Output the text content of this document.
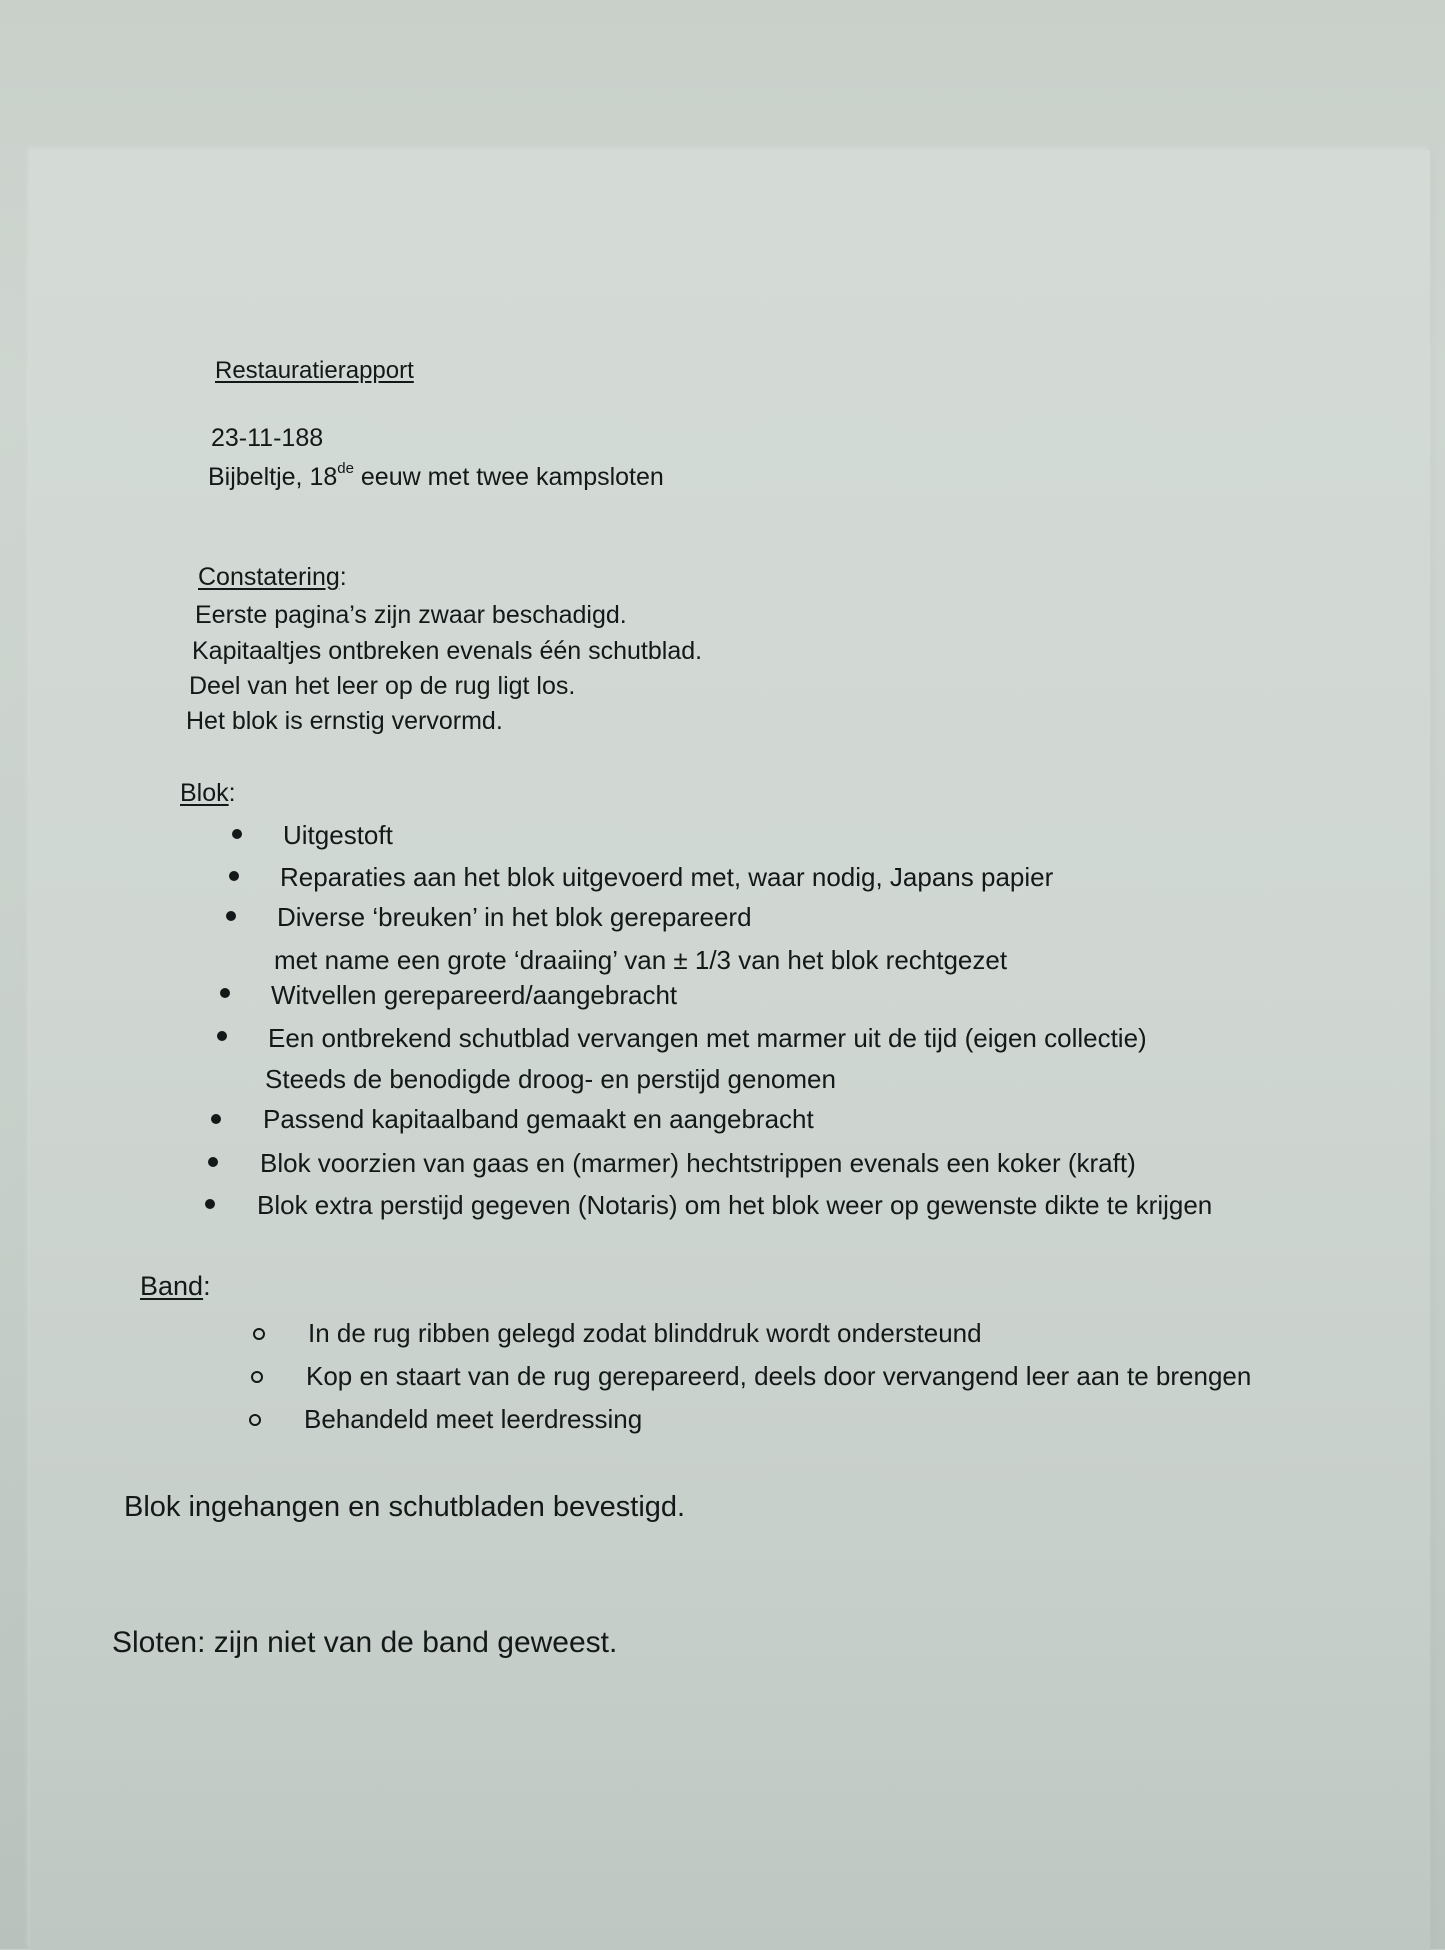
Restauratierapport
23-11-188
Bijbeltje, 18de eeuw met twee kampsloten
Constatering:
Eerste pagina’s zijn zwaar beschadigd.
Kapitaaltjes ontbreken evenals één schutblad.
Deel van het leer op de rug ligt los.
Het blok is ernstig vervormd.
Blok:
Uitgestoft
Reparaties aan het blok uitgevoerd met, waar nodig, Japans papier
Diverse ‘breuken’ in het blok gerepareerd
met name een grote ‘draaiing’ van ± 1/3 van het blok rechtgezet
Witvellen gerepareerd/aangebracht
Een ontbrekend schutblad vervangen met marmer uit de tijd (eigen collectie)
Steeds de benodigde droog- en perstijd genomen
Passend kapitaalband gemaakt en aangebracht
Blok voorzien van gaas en (marmer) hechtstrippen evenals een koker (kraft)
Blok extra perstijd gegeven (Notaris) om het blok weer op gewenste dikte te krijgen
Band:
In de rug ribben gelegd zodat blinddruk wordt ondersteund
Kop en staart van de rug gerepareerd, deels door vervangend leer aan te brengen
Behandeld meet leerdressing
Blok ingehangen en schutbladen bevestigd.
Sloten: zijn niet van de band geweest.
